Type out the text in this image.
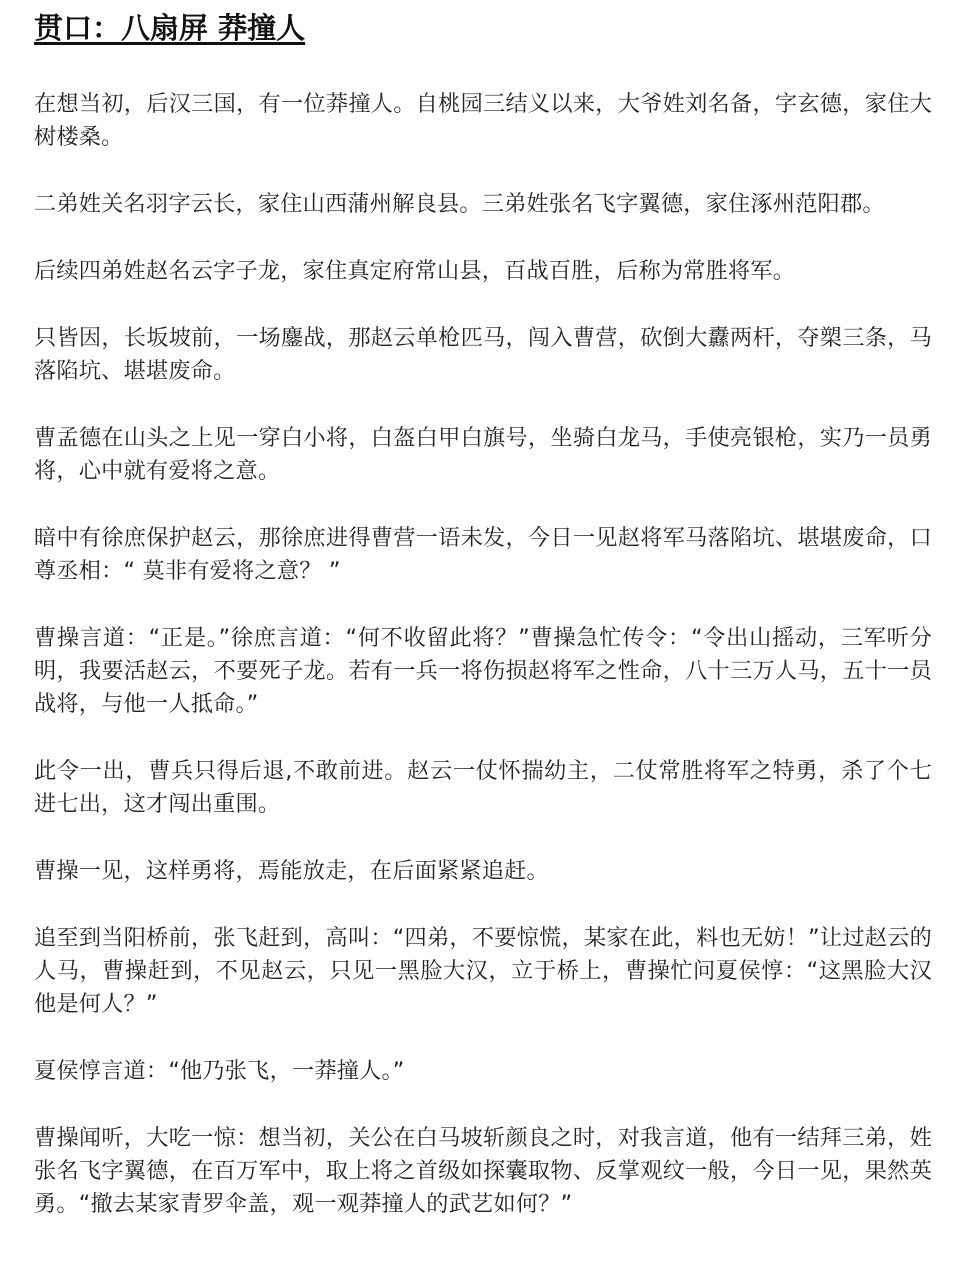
贯口：八扇屏 莽撞人

在想当初，后汉三国，有一位莽撞人。自桃园三结义以来，大爷姓刘名备，字玄德，家住大树楼桑。

二弟姓关名羽字云长，家住山西蒲州解良县。三弟姓张名飞字翼德，家住涿州范阳郡。

后续四弟姓赵名云字子龙，家住真定府常山县，百战百胜，后称为常胜将军。

只皆因，长坂坡前，一场鏖战，那赵云单枪匹马，闯入曹营，砍倒大纛两杆，夺槊三条，马落陷坑、堪堪废命。

曹孟德在山头之上见一穿白小将，白盔白甲白旗号，坐骑白龙马，手使亮银枪，实乃一员勇将，心中就有爱将之意。

暗中有徐庶保护赵云，那徐庶进得曹营一语未发，今日一见赵将军马落陷坑、堪堪废命，口尊丞相：“ 莫非有爱将之意？ ”

曹操言道：“正是。”徐庶言道：“何不收留此将？”曹操急忙传令：“令出山摇动，三军听分明，我要活赵云，不要死子龙。若有一兵一将伤损赵将军之性命，八十三万人马，五十一员战将，与他一人抵命。”

此令一出，曹兵只得后退,不敢前进。赵云一仗怀揣幼主，二仗常胜将军之特勇，杀了个七进七出，这才闯出重围。

曹操一见，这样勇将，焉能放走，在后面紧紧追赶。

追至到当阳桥前，张飞赶到，高叫：“四弟，不要惊慌，某家在此，料也无妨！”让过赵云的人马，曹操赶到，不见赵云，只见一黑脸大汉，立于桥上，曹操忙问夏侯惇：“这黑脸大汉他是何人？”

夏侯惇言道：“他乃张飞，一莽撞人。”

曹操闻听，大吃一惊：想当初，关公在白马坡斩颜良之时，对我言道，他有一结拜三弟，姓张名飞字翼德，在百万军中，取上将之首级如探囊取物、反掌观纹一般，今日一见，果然英勇。“撤去某家青罗伞盖，观一观莽撞人的武艺如何？”
